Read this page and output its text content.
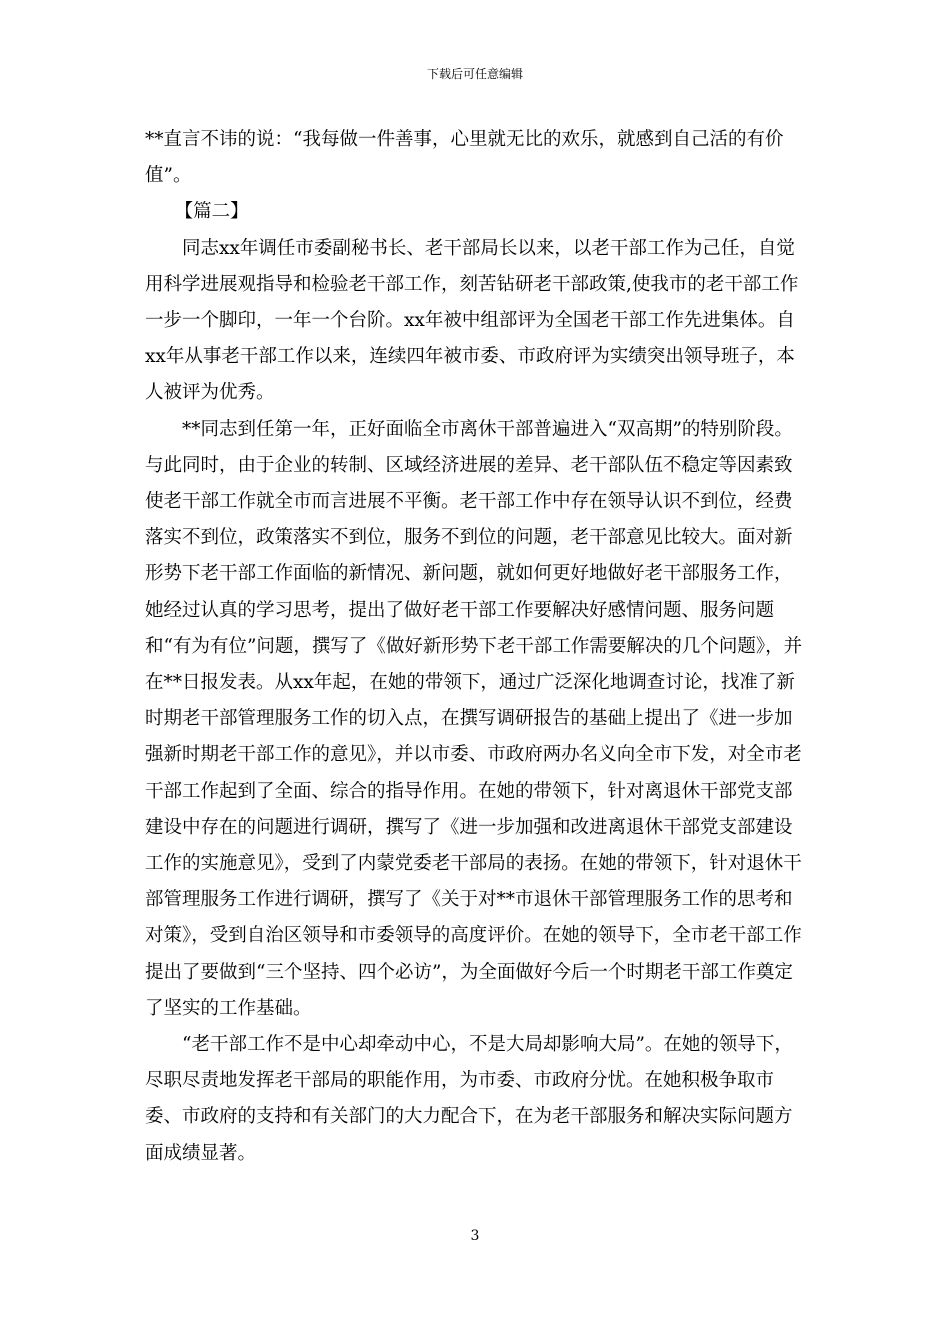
下载后可任意编辑

**直言不讳的说：“我每做一件善事，心里就无比的欢乐，就感到自己活的有价值”。

【篇二】

同志xx年调任市委副秘书长、老干部局长以来，以老干部工作为己任，自觉用科学进展观指导和检验老干部工作，刻苦钻研老干部政策,使我市的老干部工作一步一个脚印，一年一个台阶。xx年被中组部评为全国老干部工作先进集体。自xx年从事老干部工作以来，连续四年被市委、市政府评为实绩突出领导班子，本人被评为优秀。

**同志到任第一年，正好面临全市离休干部普遍进入“双高期”的特别阶段。与此同时，由于企业的转制、区域经济进展的差异、老干部队伍不稳定等因素致使老干部工作就全市而言进展不平衡。老干部工作中存在领导认识不到位，经费落实不到位，政策落实不到位，服务不到位的问题，老干部意见比较大。面对新形势下老干部工作面临的新情况、新问题，就如何更好地做好老干部服务工作，她经过认真的学习思考，提出了做好老干部工作要解决好感情问题、服务问题和“有为有位”问题，撰写了《做好新形势下老干部工作需要解决的几个问题》，并在**日报发表。从xx年起，在她的带领下，通过广泛深化地调查讨论，找准了新时期老干部管理服务工作的切入点，在撰写调研报告的基础上提出了《进一步加强新时期老干部工作的意见》，并以市委、市政府两办名义向全市下发，对全市老干部工作起到了全面、综合的指导作用。在她的带领下，针对离退休干部党支部建设中存在的问题进行调研，撰写了《进一步加强和改进离退休干部党支部建设工作的实施意见》，受到了内蒙党委老干部局的表扬。在她的带领下，针对退休干部管理服务工作进行调研，撰写了《关于对**市退休干部管理服务工作的思考和对策》，受到自治区领导和市委领导的高度评价。在她的领导下，全市老干部工作提出了要做到“三个坚持、四个必访”，为全面做好今后一个时期老干部工作奠定了坚实的工作基础。

“老干部工作不是中心却牵动中心，不是大局却影响大局”。在她的领导下，尽职尽责地发挥老干部局的职能作用，为市委、市政府分忧。在她积极争取市委、市政府的支持和有关部门的大力配合下，在为老干部服务和解决实际问题方面成绩显著。

3
